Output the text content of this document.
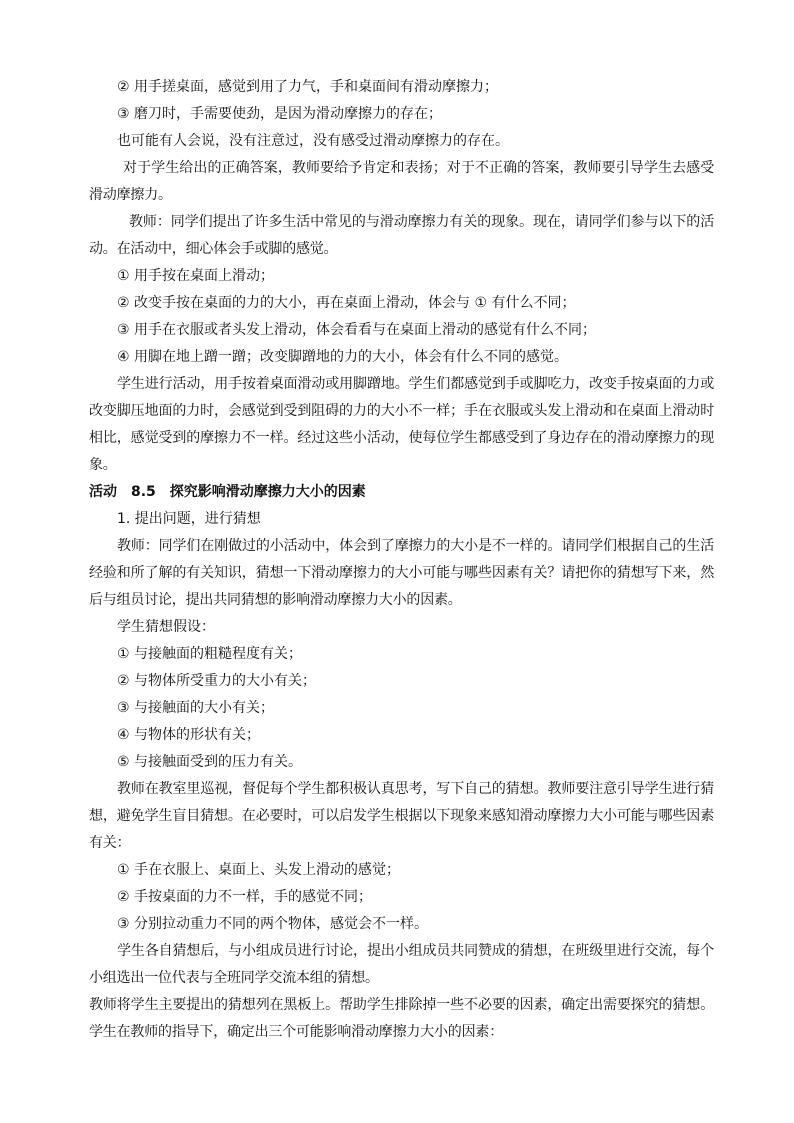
② 用手搓桌面，感觉到用了力气，手和桌面间有滑动摩擦力；
③ 磨刀时，手需要使劲，是因为滑动摩擦力的存在；
也可能有人会说，没有注意过，没有感受过滑动摩擦力的存在。
对于学生给出的正确答案，教师要给予肯定和表扬；对于不正确的答案，教师要引导学生去感受滑动摩擦力。
教师：同学们提出了许多生活中常见的与滑动摩擦力有关的现象。现在，请同学们参与以下的活动。在活动中，细心体会手或脚的感觉。
① 用手按在桌面上滑动；
② 改变手按在桌面的力的大小，再在桌面上滑动，体会与 ① 有什么不同；
③ 用手在衣服或者头发上滑动，体会看看与在桌面上滑动的感觉有什么不同；
④ 用脚在地上蹭一蹭；改变脚蹭地的力的大小，体会有什么不同的感觉。
学生进行活动，用手按着桌面滑动或用脚蹭地。学生们都感觉到手或脚吃力，改变手按桌面的力或改变脚压地面的力时，会感觉到受到阻碍的力的大小不一样；手在衣服或头发上滑动和在桌面上滑动时相比，感觉受到的摩擦力不一样。经过这些小活动，使每位学生都感受到了身边存在的滑动摩擦力的现象。
活动　8.5　探究影响滑动摩擦力大小的因素
1. 提出问题，进行猜想
教师：同学们在刚做过的小活动中，体会到了摩擦力的大小是不一样的。请同学们根据自己的生活经验和所了解的有关知识，猜想一下滑动摩擦力的大小可能与哪些因素有关？请把你的猜想写下来，然后与组员讨论，提出共同猜想的影响滑动摩擦力大小的因素。
学生猜想假设：
① 与接触面的粗糙程度有关；
② 与物体所受重力的大小有关；
③ 与接触面的大小有关；
④ 与物体的形状有关；
⑤ 与接触面受到的压力有关。
教师在教室里巡视，督促每个学生都积极认真思考，写下自己的猜想。教师要注意引导学生进行猜想，避免学生盲目猜想。在必要时，可以启发学生根据以下现象来感知滑动摩擦力大小可能与哪些因素有关：
① 手在衣服上、桌面上、头发上滑动的感觉；
② 手按桌面的力不一样，手的感觉不同；
③ 分别拉动重力不同的两个物体，感觉会不一样。
学生各自猜想后，与小组成员进行讨论，提出小组成员共同赞成的猜想，在班级里进行交流，每个小组选出一位代表与全班同学交流本组的猜想。
教师将学生主要提出的猜想列在黑板上。帮助学生排除掉一些不必要的因素，确定出需要探究的猜想。学生在教师的指导下，确定出三个可能影响滑动摩擦力大小的因素：
